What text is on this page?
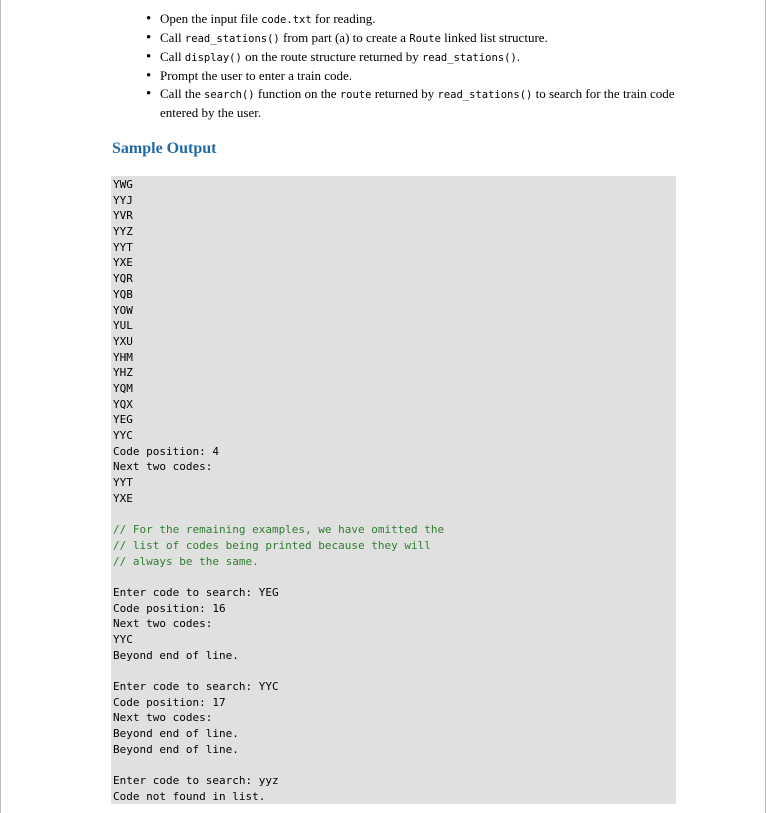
• Open the input file code.txt for reading.
• Call read_stations() from part (a) to create a Route linked list structure.
• Call display() on the route structure returned by read_stations().
• Prompt the user to enter a train code.
• Call the search() function on the route returned by read_stations() to search for the train code entered by the user.
Sample Output
YWG
YYJ
YVR
YYZ
YYT
YXE
YQR
YQB
YOW
YUL
YXU
YHM
YHZ
YQM
YQX
YEG
YYC
Code position: 4
Next two codes:
YYT
YXE
// For the remaining examples, we have omitted the
// list of codes being printed because they will
// always be the same.
Enter code to search: YEG
Code position: 16
Next two codes:
YYC
Beyond end of line.
Enter code to search: YYC
Code position: 17
Next two codes:
Beyond end of line.
Beyond end of line.
Enter code to search: yyz
Code not found in list.
